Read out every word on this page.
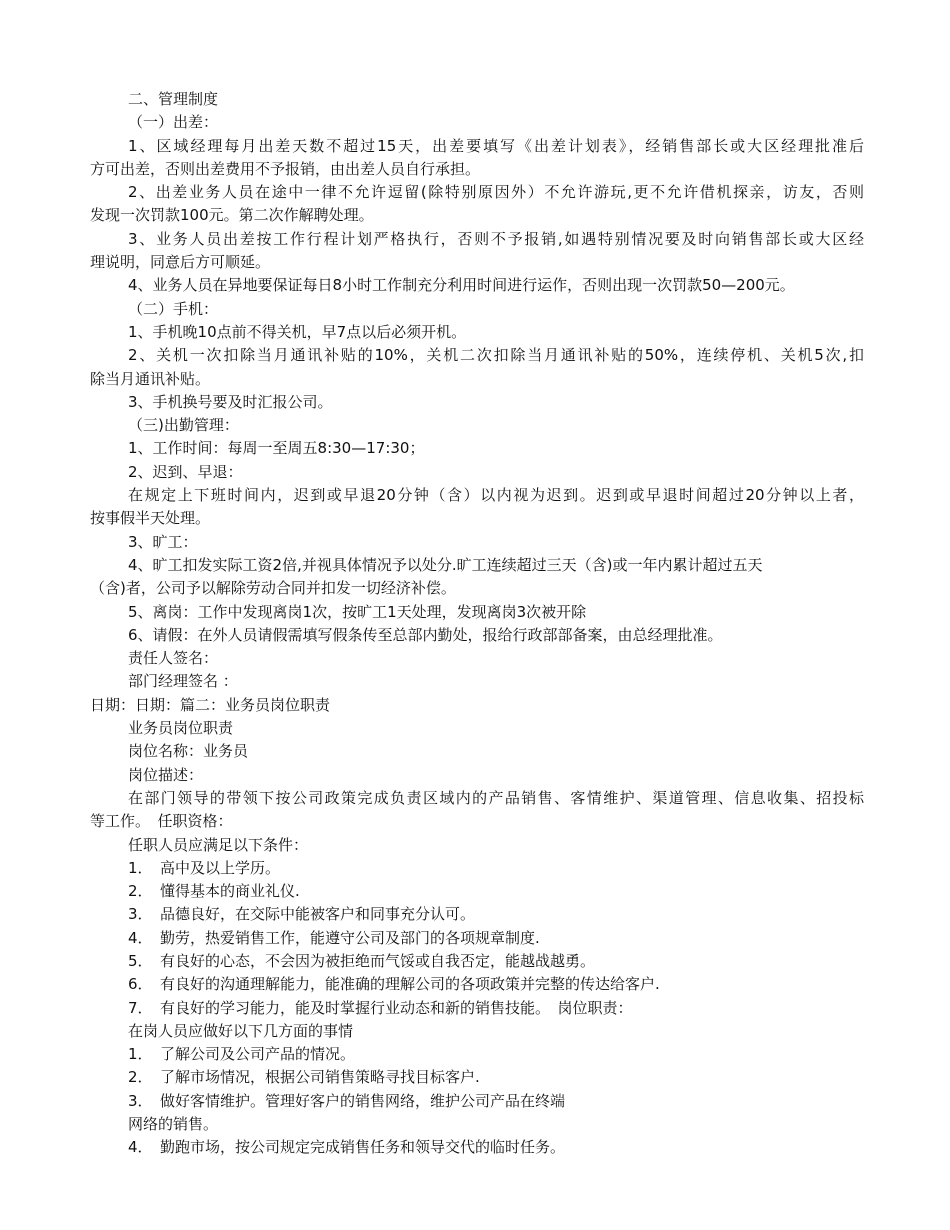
二、管理制度
（一）出差：
1、区域经理每月出差天数不超过15天，出差要填写《出差计划表》，经销售部长或大区经理批准后
方可出差，否则出差费用不予报销，由出差人员自行承担。
2、出差业务人员在途中一律不允许逗留(除特别原因外）不允许游玩,更不允许借机探亲，访友，否则
发现一次罚款100元。第二次作解聘处理。
3、业务人员出差按工作行程计划严格执行，否则不予报销,如遇特别情况要及时向销售部长或大区经
理说明，同意后方可顺延。
4、业务人员在异地要保证每日8小时工作制充分利用时间进行运作，否则出现一次罚款50—200元。
（二）手机：
1、手机晚10点前不得关机，早7点以后必须开机。
2、关机一次扣除当月通讯补贴的10%，关机二次扣除当月通讯补贴的50%，连续停机、关机5次,扣
除当月通讯补贴。
3、手机换号要及时汇报公司。
（三)出勤管理：
1、工作时间：每周一至周五8:30—17:30；
2、迟到、早退：
在规定上下班时间内，迟到或早退20分钟（含）以内视为迟到。迟到或早退时间超过20分钟以上者，
按事假半天处理。
3、旷工：
4、旷工扣发实际工资2倍,并视具体情况予以处分.旷工连续超过三天（含)或一年内累计超过五天
（含)者，公司予以解除劳动合同并扣发一切经济补偿。
5、离岗：工作中发现离岗1次，按旷工1天处理，发现离岗3次被开除
6、请假：在外人员请假需填写假条传至总部内勤处，报给行政部部备案，由总经理批准。
责任人签名：
部门经理签名 ：
日期：日期：篇二：业务员岗位职责
业务员岗位职责
岗位名称：业务员
岗位描述：
在部门领导的带领下按公司政策完成负责区域内的产品销售、客情维护、渠道管理、信息收集、招投标
等工作。　任职资格：
任职人员应满足以下条件：
1．　高中及以上学历。
2．　懂得基本的商业礼仪.
3．　品德良好，在交际中能被客户和同事充分认可。
4．　勤劳，热爱销售工作，能遵守公司及部门的各项规章制度.
5．　有良好的心态，不会因为被拒绝而气馁或自我否定，能越战越勇。
6．　有良好的沟通理解能力，能准确的理解公司的各项政策并完整的传达给客户.
7．　有良好的学习能力，能及时掌握行业动态和新的销售技能。　岗位职责：
在岗人员应做好以下几方面的事情
1．　了解公司及公司产品的情况。
2．　了解市场情况，根据公司销售策略寻找目标客户.
3．　做好客情维护。管理好客户的销售网络，维护公司产品在终端
网络的销售。
4．　勤跑市场，按公司规定完成销售任务和领导交代的临时任务。
